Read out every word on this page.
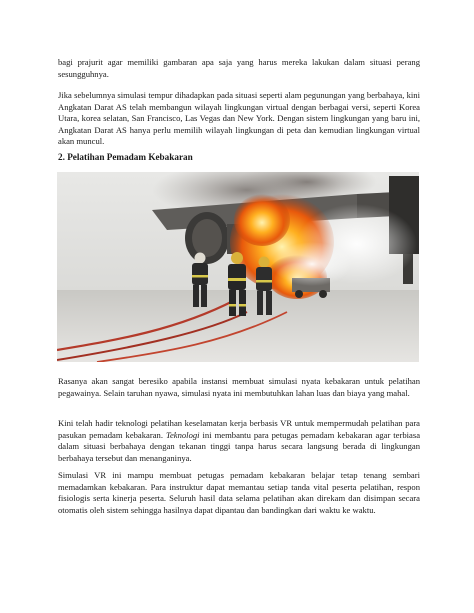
bagi prajurit agar memiliki gambaran apa saja yang harus mereka lakukan dalam situasi perang sesungguhnya.

Jika sebelumnya simulasi tempur dihadapkan pada situasi seperti alam pegunungan yang berbahaya, kini Angkatan Darat AS telah membangun wilayah lingkungan virtual dengan berbagai versi, seperti Korea Utara, korea selatan, San Francisco, Las Vegas dan New York. Dengan sistem lingkungan yang baru ini, Angkatan Darat AS hanya perlu memilih wilayah lingkungan di peta dan kemudian lingkungan virtual akan muncul.

2. Pelatihan Pemadam Kebakaran

Rasanya akan sangat beresiko apabila instansi membuat simulasi nyata kebakaran untuk pelatihan pegawainya. Selain taruhan nyawa, simulasi nyata ini membutuhkan lahan luas dan biaya yang mahal.

Kini telah hadir teknologi pelatihan keselamatan kerja berbasis VR untuk mempermudah pelatihan para pasukan pemadam kebakaran. Teknologi ini membantu para petugas pemadam kebakaran agar terbiasa dalam situasi berbahaya dengan tekanan tinggi tanpa harus secara langsung berada di lingkungan berbahaya tersebut dan menanganinya.

Simulasi VR ini mampu membuat petugas pemadam kebakaran belajar tetap tenang sembari memadamkan kebakaran. Para instruktur dapat memantau setiap tanda vital peserta pelatihan, respon fisiologis serta kinerja peserta. Seluruh hasil data selama pelatihan akan direkam dan disimpan secara otomatis oleh sistem sehingga hasilnya dapat dipantau dan bandingkan dari waktu ke waktu.
